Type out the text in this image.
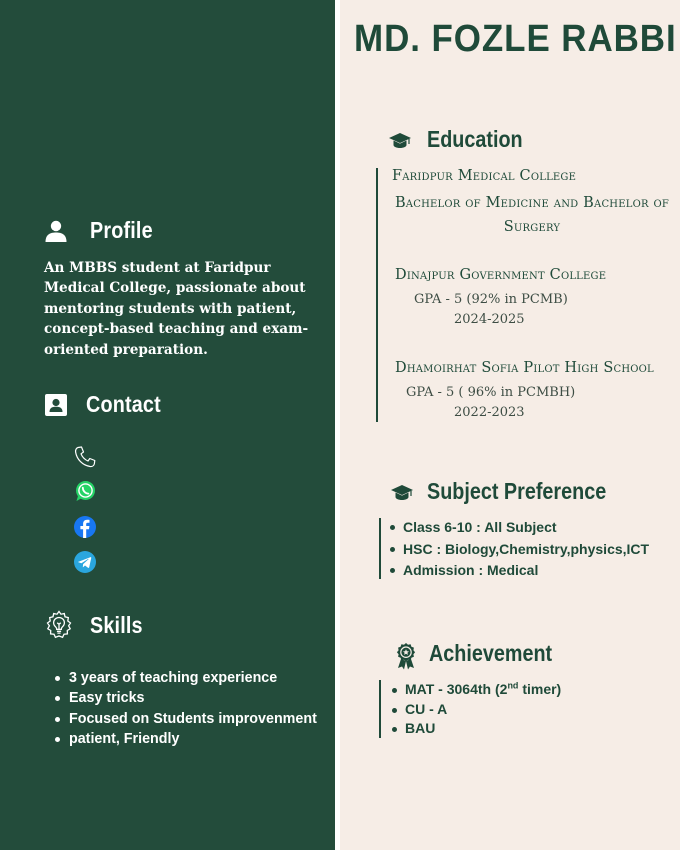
Profile
An MBBS student at Faridpur Medical College, passionate about mentoring students with patient, concept-based teaching and exam-oriented preparation.
Contact
Skills
3 years of teaching experience
Easy tricks
Focused on Students improvenment
patient, Friendly
MD. FOZLE RABBI
Education
Faridpur Medical College
Bachelor of Medicine and Bachelor of Surgery
Dinajpur Government College
GPA - 5 (92% in PCMB)
2024-2025
Dhamoirhat Sofia Pilot High School
GPA - 5 ( 96% in PCMBH)
2022-2023
Subject Preference
Class 6-10 : All Subject
HSC : Biology,Chemistry,physics,ICT
Admission : Medical
Achievement
MAT - 3064th (2nd timer)
CU - A
BAU
